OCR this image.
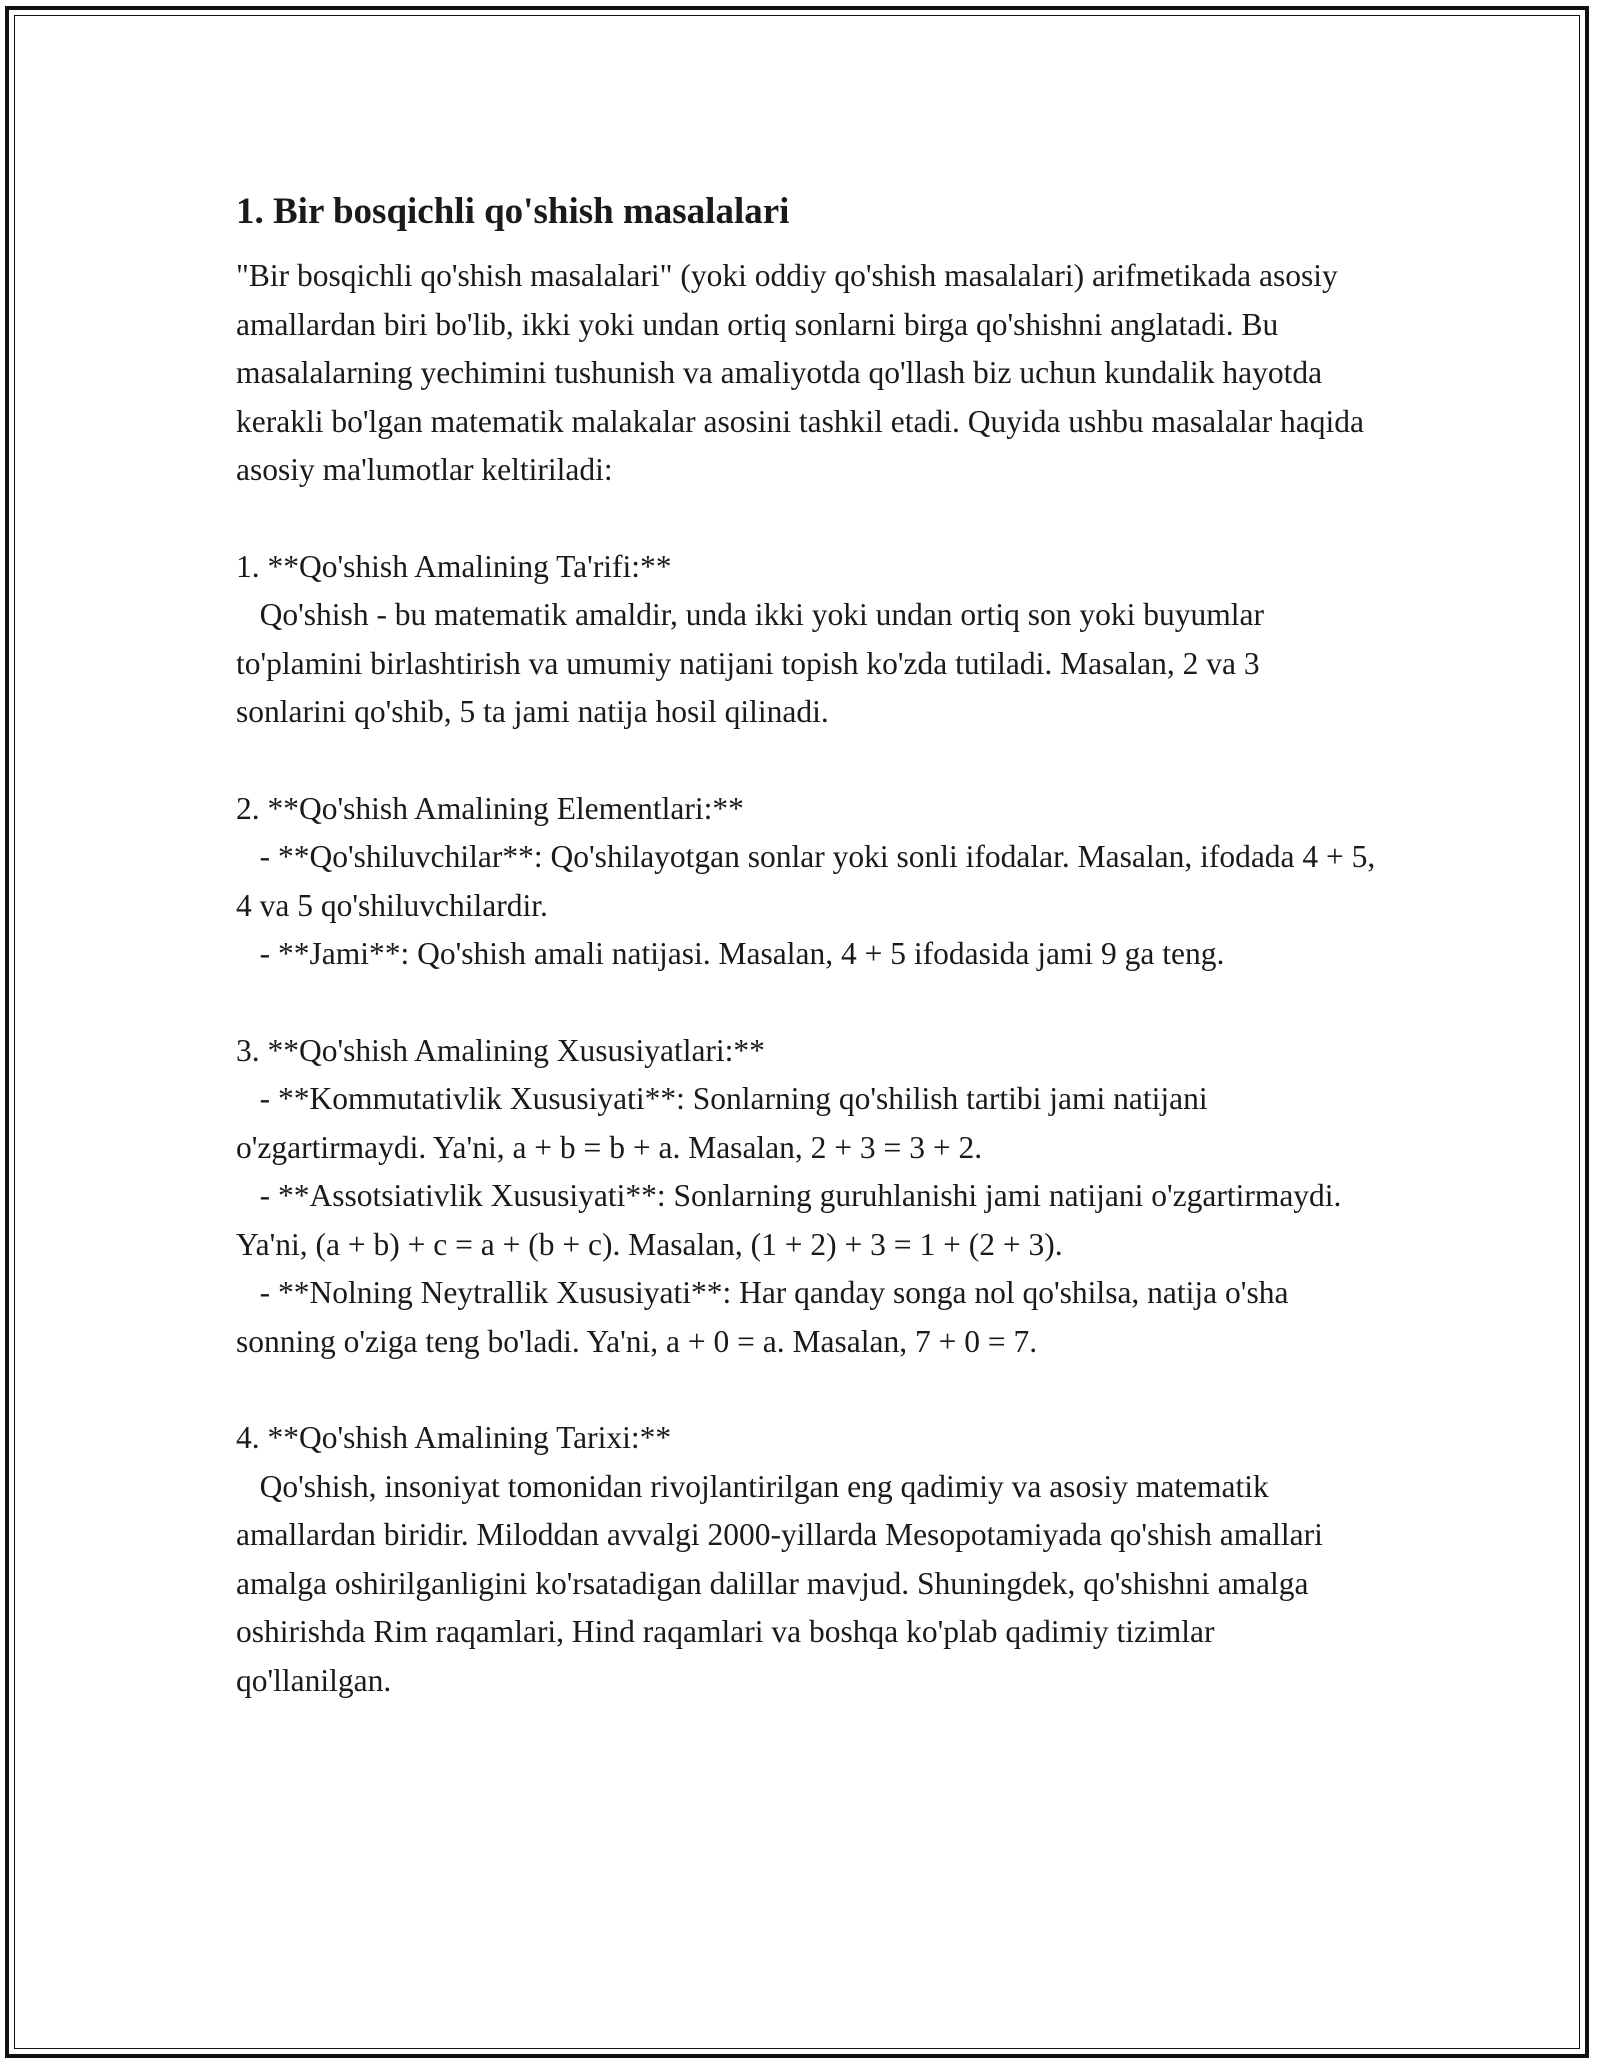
1. Bir bosqichli qo'shish masalalari

"Bir bosqichli qo'shish masalalari" (yoki oddiy qo'shish masalalari) arifmetikada asosiy amallardan biri bo'lib, ikki yoki undan ortiq sonlarni birga qo'shishni anglatadi. Bu masalalarning yechimini tushunish va amaliyotda qo'llash biz uchun kundalik hayotda kerakli bo'lgan matematik malakalar asosini tashkil etadi. Quyida ushbu masalalar haqida asosiy ma'lumotlar keltiriladi:

1. **Qo'shish Amalining Ta'rifi:**
Qo'shish - bu matematik amaldir, unda ikki yoki undan ortiq son yoki buyumlar to'plamini birlashtirish va umumiy natijani topish ko'zda tutiladi. Masalan, 2 va 3 sonlarini qo'shib, 5 ta jami natija hosil qilinadi.
2. **Qo'shish Amalining Elementlari:**
- **Qo'shiluvchilar**: Qo'shilayotgan sonlar yoki sonli ifodalar. Masalan, ifodada 4 + 5, 4 va 5 qo'shiluvchilardir.
- **Jami**: Qo'shish amali natijasi. Masalan, 4 + 5 ifodasida jami 9 ga teng.
3. **Qo'shish Amalining Xususiyatlari:**
- **Kommutativlik Xususiyati**: Sonlarning qo'shilish tartibi jami natijani o'zgartirmaydi. Ya'ni, a + b = b + a. Masalan, 2 + 3 = 3 + 2.
- **Assotsiativlik Xususiyati**: Sonlarning guruhlanishi jami natijani o'zgartirmaydi. Ya'ni, (a + b) + c = a + (b + c). Masalan, (1 + 2) + 3 = 1 + (2 + 3).
- **Nolning Neytrallik Xususiyati**: Har qanday songa nol qo'shilsa, natija o'sha sonning o'ziga teng bo'ladi. Ya'ni, a + 0 = a. Masalan, 7 + 0 = 7.
4. **Qo'shish Amalining Tarixi:**
Qo'shish, insoniyat tomonidan rivojlantirilgan eng qadimiy va asosiy matematik amallardan biridir. Miloddan avvalgi 2000-yillarda Mesopotamiyada qo'shish amallari amalga oshirilganligini ko'rsatadigan dalillar mavjud. Shuningdek, qo'shishni amalga oshirishda Rim raqamlari, Hind raqamlari va boshqa ko'plab qadimiy tizimlar qo'llanilgan.
